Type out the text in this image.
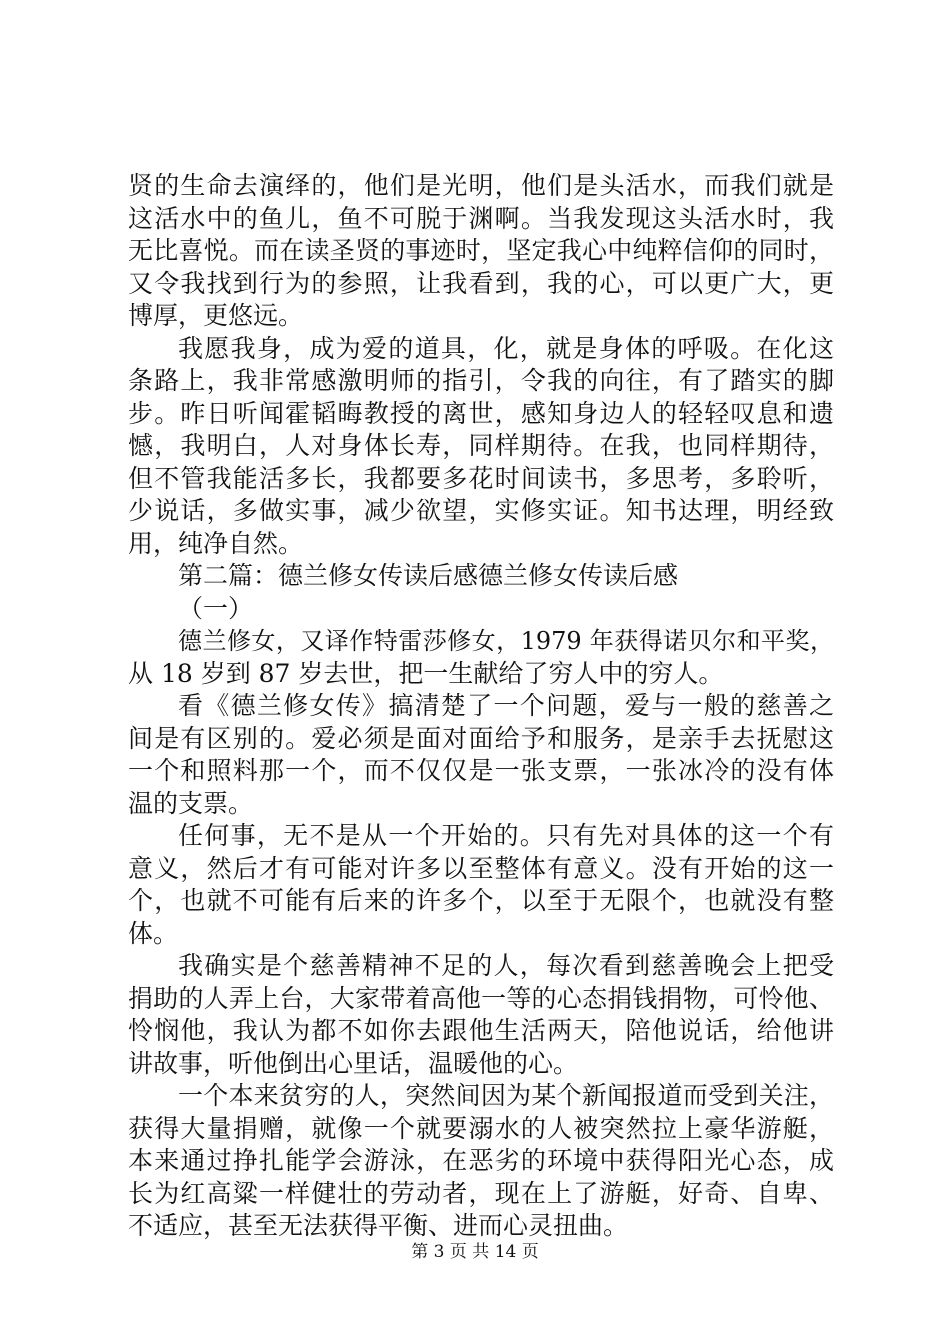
贤的生命去演绎的，他们是光明，他们是头活水，而我们就是
这活水中的鱼儿，鱼不可脱于渊啊。当我发现这头活水时，我
无比喜悦。而在读圣贤的事迹时，坚定我心中纯粹信仰的同时，
又令我找到行为的参照，让我看到，我的心，可以更广大，更
博厚，更悠远。
我愿我身，成为爱的道具，化，就是身体的呼吸。在化这
条路上，我非常感激明师的指引，令我的向往，有了踏实的脚
步。昨日听闻霍韬晦教授的离世，感知身边人的轻轻叹息和遗
憾，我明白，人对身体长寿，同样期待。在我，也同样期待，
但不管我能活多长，我都要多花时间读书，多思考，多聆听，
少说话，多做实事，减少欲望，实修实证。知书达理，明经致
用，纯净自然。
第二篇：德兰修女传读后感德兰修女传读后感
（一）
德兰修女，又译作特雷莎修女，1979 年获得诺贝尔和平奖，
从 18 岁到 87 岁去世，把一生献给了穷人中的穷人。
看《德兰修女传》搞清楚了一个问题，爱与一般的慈善之
间是有区别的。爱必须是面对面给予和服务，是亲手去抚慰这
一个和照料那一个，而不仅仅是一张支票，一张冰冷的没有体
温的支票。
任何事，无不是从一个开始的。只有先对具体的这一个有
意义，然后才有可能对许多以至整体有意义。没有开始的这一
个，也就不可能有后来的许多个，以至于无限个，也就没有整
体。
我确实是个慈善精神不足的人，每次看到慈善晚会上把受
捐助的人弄上台，大家带着高他一等的心态捐钱捐物，可怜他、
怜悯他，我认为都不如你去跟他生活两天，陪他说话，给他讲
讲故事，听他倒出心里话，温暖他的心。
一个本来贫穷的人，突然间因为某个新闻报道而受到关注，
获得大量捐赠，就像一个就要溺水的人被突然拉上豪华游艇，
本来通过挣扎能学会游泳，在恶劣的环境中获得阳光心态，成
长为红高粱一样健壮的劳动者，现在上了游艇，好奇、自卑、
不适应，甚至无法获得平衡、进而心灵扭曲。
第 3 页 共 14 页
